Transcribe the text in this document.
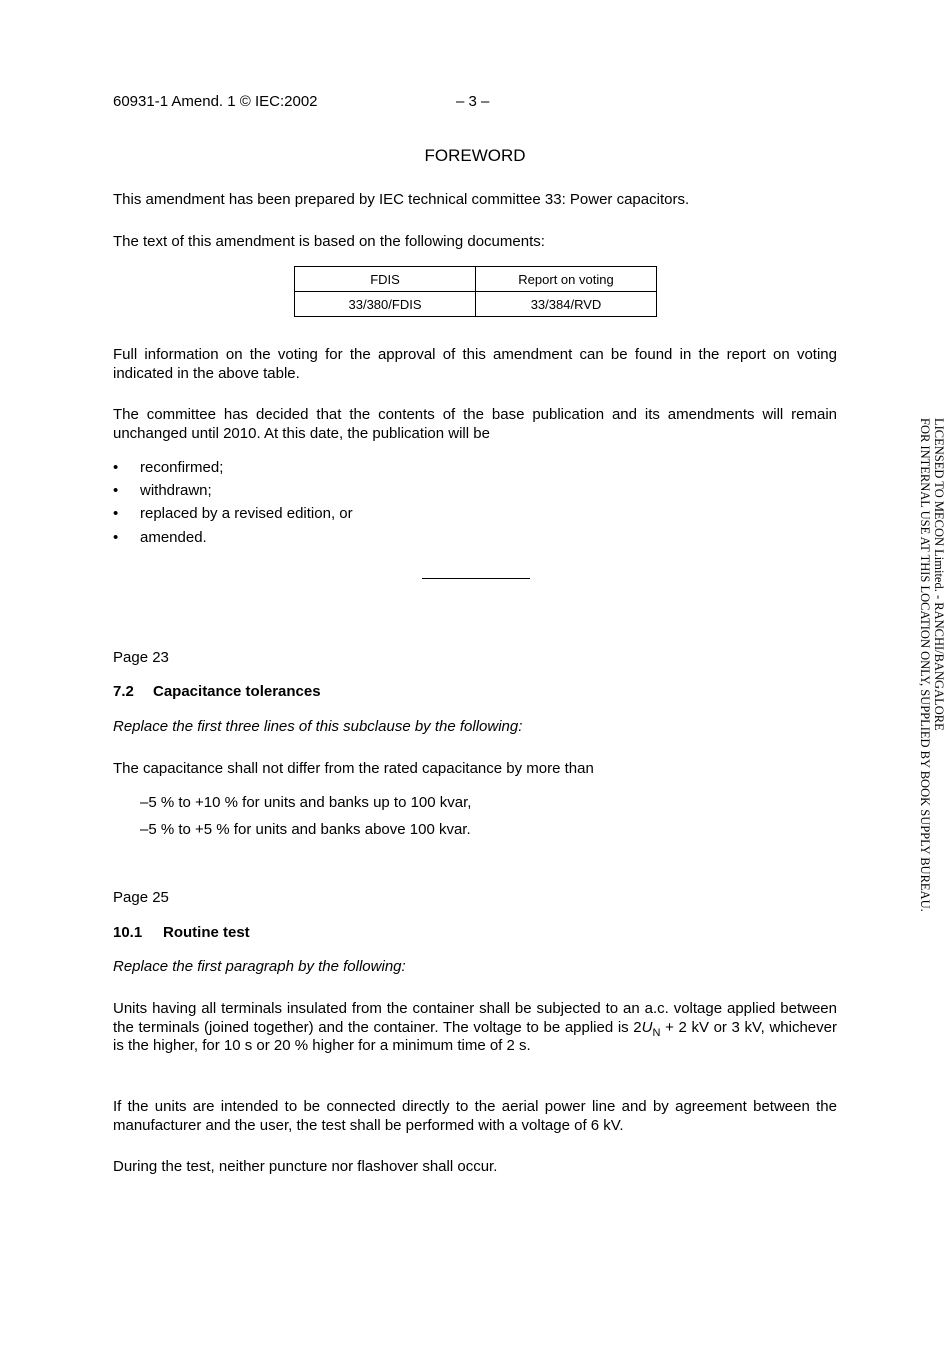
60931-1 Amend. 1 © IEC:2002	– 3 –
FOREWORD
This amendment has been prepared by IEC technical committee 33: Power capacitors.
The text of this amendment is based on the following documents:
FDIS	Report on voting
33/380/FDIS	33/384/RVD
Full information on the voting for the approval of this amendment can be found in the report on voting indicated in the above table.
The committee has decided that the contents of the base publication and its amendments will remain unchanged until 2010. At this date, the publication will be
• reconfirmed;
• withdrawn;
• replaced by a revised edition, or
• amended.
Page 23
7.2 Capacitance tolerances
Replace the first three lines of this subclause by the following:
The capacitance shall not differ from the rated capacitance by more than
–5 % to +10 % for units and banks up to 100 kvar,
–5 % to +5 % for units and banks above 100 kvar.
Page 25
10.1 Routine test
Replace the first paragraph by the following:
Units having all terminals insulated from the container shall be subjected to an a.c. voltage applied between the terminals (joined together) and the container. The voltage to be applied is $2U_N + 2$ kV or 3 kV, whichever is the higher, for 10 s or 20 % higher for a minimum time of 2 s.
If the units are intended to be connected directly to the aerial power line and by agreement between the manufacturer and the user, the test shall be performed with a voltage of 6 kV.
During the test, neither puncture nor flashover shall occur.
LICENSED TO MECON Limited. - RANCHI/BANGALORE
FOR INTERNAL USE AT THIS LOCATION ONLY, SUPPLIED BY BOOK SUPPLY BUREAU.
